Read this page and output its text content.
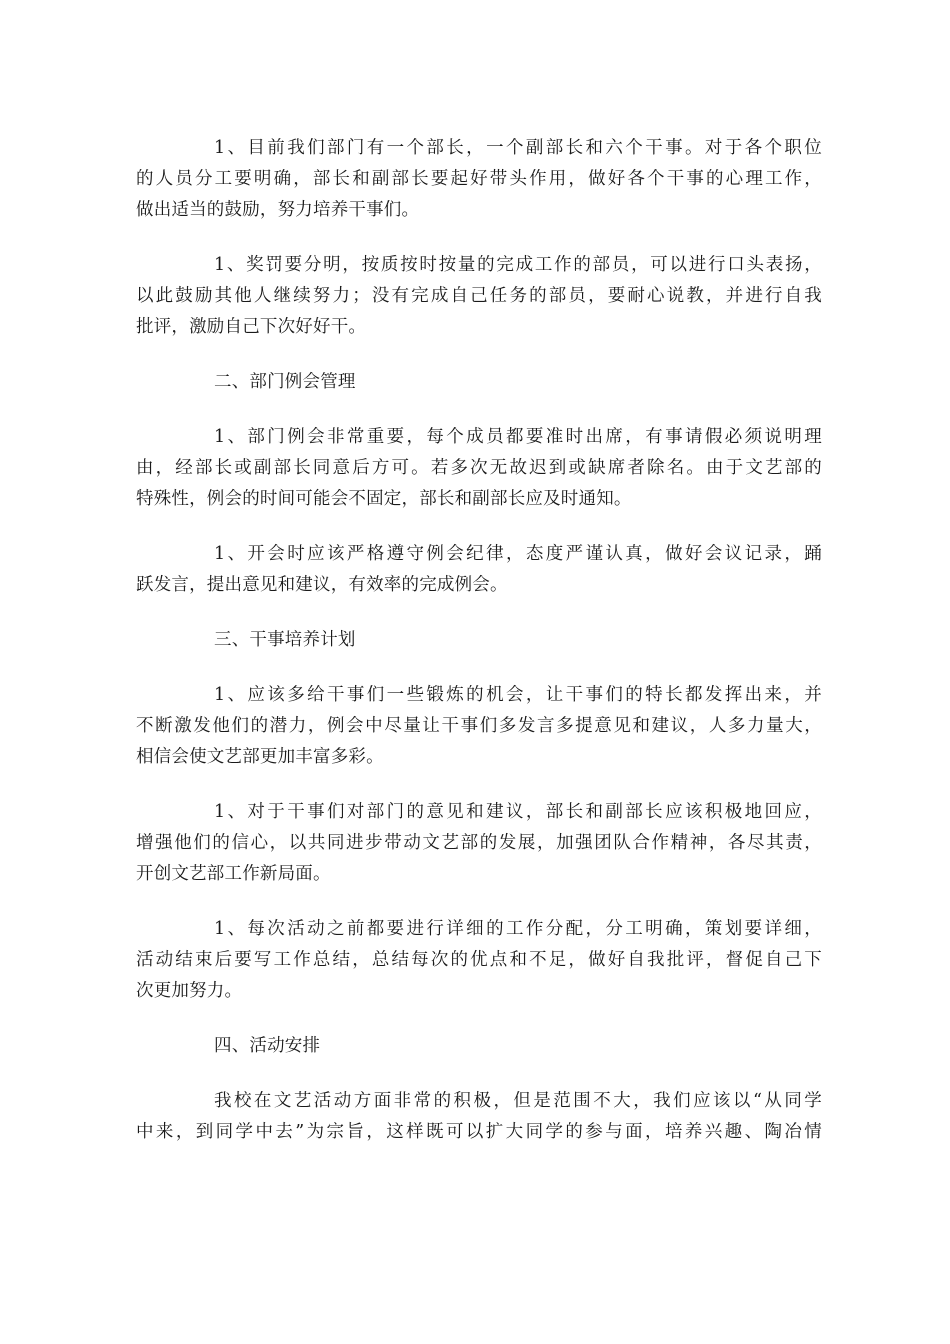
1、目前我们部门有一个部长，一个副部长和六个干事。对于各个职位
的人员分工要明确，部长和副部长要起好带头作用，做好各个干事的心理工作，
做出适当的鼓励，努力培养干事们。
1、奖罚要分明，按质按时按量的完成工作的部员，可以进行口头表扬，
以此鼓励其他人继续努力；没有完成自己任务的部员，要耐心说教，并进行自我
批评，激励自己下次好好干。
二、部门例会管理
1、部门例会非常重要，每个成员都要准时出席，有事请假必须说明理
由，经部长或副部长同意后方可。若多次无故迟到或缺席者除名。由于文艺部的
特殊性，例会的时间可能会不固定，部长和副部长应及时通知。
1、开会时应该严格遵守例会纪律，态度严谨认真，做好会议记录，踊
跃发言，提出意见和建议，有效率的完成例会。
三、干事培养计划
1、应该多给干事们一些锻炼的机会，让干事们的特长都发挥出来，并
不断激发他们的潜力，例会中尽量让干事们多发言多提意见和建议，人多力量大，
相信会使文艺部更加丰富多彩。
1、对于干事们对部门的意见和建议，部长和副部长应该积极地回应，
增强他们的信心，以共同进步带动文艺部的发展，加强团队合作精神，各尽其责，
开创文艺部工作新局面。
1、每次活动之前都要进行详细的工作分配，分工明确，策划要详细，
活动结束后要写工作总结，总结每次的优点和不足，做好自我批评，督促自己下
次更加努力。
四、活动安排
我校在文艺活动方面非常的积极，但是范围不大，我们应该以“从同学
中来，到同学中去”为宗旨，这样既可以扩大同学的参与面，培养兴趣、陶冶情
